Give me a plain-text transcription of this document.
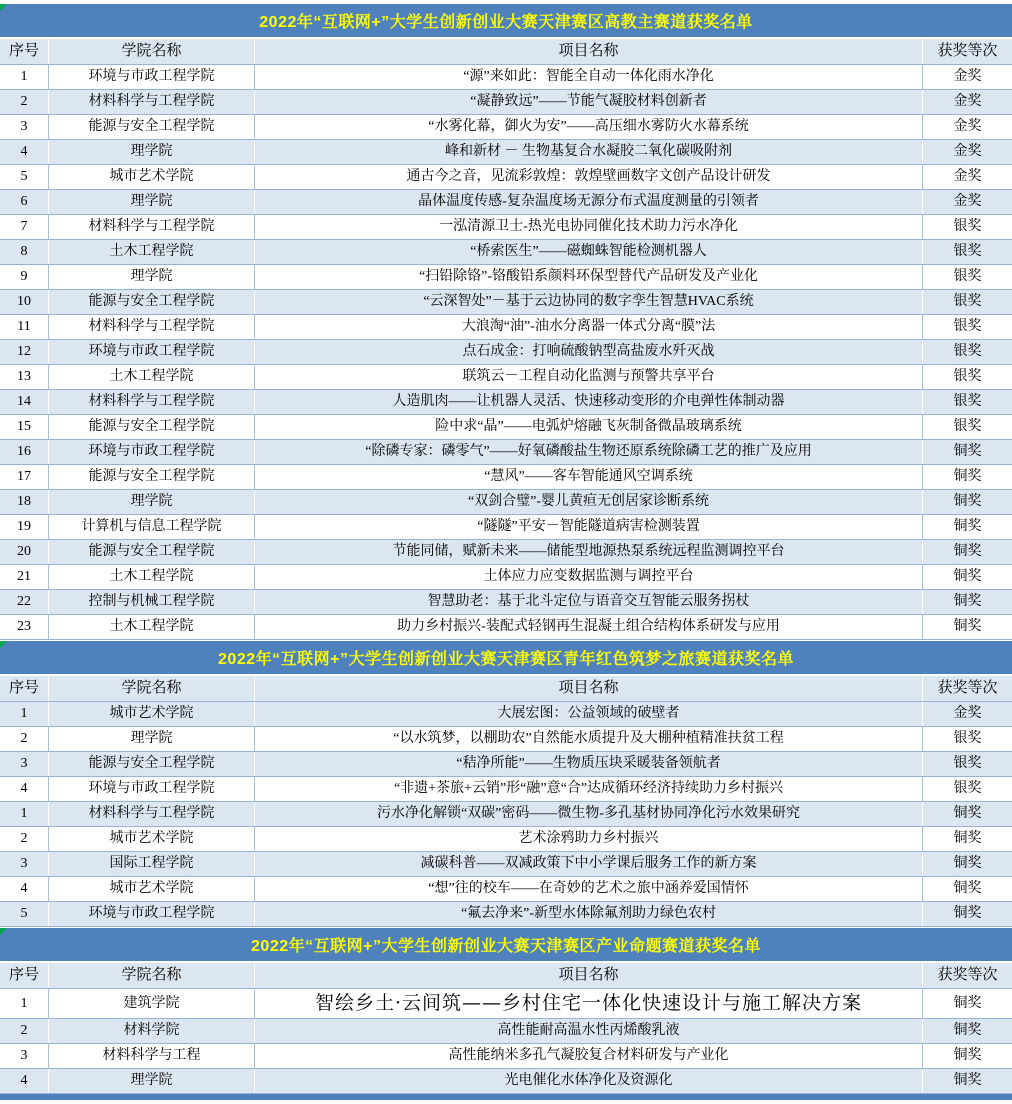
2022年“互联网+”大学生创新创业大赛天津赛区高教主赛道获奖名单
序号	学院名称	项目名称	获奖等次
1	环境与市政工程学院	“源”来如此：智能全自动一体化雨水净化	金奖
2	材料科学与工程学院	“凝静致远”——节能气凝胶材料创新者	金奖
3	能源与安全工程学院	“水雾化幕，御火为安”——高压细水雾防火水幕系统	金奖
4	理学院	峰和新材 － 生物基复合水凝胶二氧化碳吸附剂	金奖
5	城市艺术学院	通古今之音，见流彩敦煌：敦煌壁画数字文创产品设计研发	金奖
6	理学院	晶体温度传感-复杂温度场无源分布式温度测量的引领者	金奖
7	材料科学与工程学院	一泓清源卫士-热光电协同催化技术助力污水净化	银奖
8	土木工程学院	“桥索医生”——磁蜘蛛智能检测机器人	银奖
9	理学院	“扫铅除铬”-铬酸铅系颜料环保型替代产品研发及产业化	银奖
10	能源与安全工程学院	“云深智处”－基于云边协同的数字孪生智慧HVAC系统	银奖
11	材料科学与工程学院	大浪淘“油”-油水分离器一体式分离“膜”法	银奖
12	环境与市政工程学院	点石成金：打响硫酸钠型高盐废水歼灭战	银奖
13	土木工程学院	联筑云－工程自动化监测与预警共享平台	银奖
14	材料科学与工程学院	人造肌肉——让机器人灵活、快速移动变形的介电弹性体制动器	银奖
15	能源与安全工程学院	险中求“晶”——电弧炉熔融飞灰制备微晶玻璃系统	银奖
16	环境与市政工程学院	“除磷专家：磷零气”——好氧磷酸盐生物还原系统除磷工艺的推广及应用	铜奖
17	能源与安全工程学院	“慧风”——客车智能通风空调系统	铜奖
18	理学院	“双剑合璧”-婴儿黄疸无创居家诊断系统	铜奖
19	计算机与信息工程学院	“隧隧”平安－智能隧道病害检测装置	铜奖
20	能源与安全工程学院	节能同储，赋新未来——储能型地源热泵系统远程监测调控平台	铜奖
21	土木工程学院	土体应力应变数据监测与调控平台	铜奖
22	控制与机械工程学院	智慧助老：基于北斗定位与语音交互智能云服务拐杖	铜奖
23	土木工程学院	助力乡村振兴-装配式轻钢再生混凝土组合结构体系研发与应用	铜奖
2022年“互联网+”大学生创新创业大赛天津赛区青年红色筑梦之旅赛道获奖名单
序号	学院名称	项目名称	获奖等次
1	城市艺术学院	大展宏图：公益领域的破壁者	金奖
2	理学院	“以水筑梦，以棚助农”自然能水质提升及大棚种植精准扶贫工程	银奖
3	能源与安全工程学院	“秸净所能”——生物质压块采暖装备领航者	银奖
4	环境与市政工程学院	“非遗+茶旅+云销”形“融”意“合”达成循环经济持续助力乡村振兴	银奖
1	材料科学与工程学院	污水净化解锁“双碳”密码——微生物-多孔基材协同净化污水效果研究	铜奖
2	城市艺术学院	艺术涂鸦助力乡村振兴	铜奖
3	国际工程学院	减碳科普——双减政策下中小学课后服务工作的新方案	铜奖
4	城市艺术学院	“想”往的校车——在奇妙的艺术之旅中涵养爱国情怀	铜奖
5	环境与市政工程学院	“氟去净来”-新型水体除氟剂助力绿色农村	铜奖
2022年“互联网+”大学生创新创业大赛天津赛区产业命题赛道获奖名单
序号	学院名称	项目名称	获奖等次
1	建筑学院	智绘乡土·云间筑——乡村住宅一体化快速设计与施工解决方案	铜奖
2	材料学院	高性能耐高温水性丙烯酸乳液	铜奖
3	材料科学与工程	高性能纳米多孔气凝胶复合材料研发与产业化	铜奖
4	理学院	光电催化水体净化及资源化	铜奖
